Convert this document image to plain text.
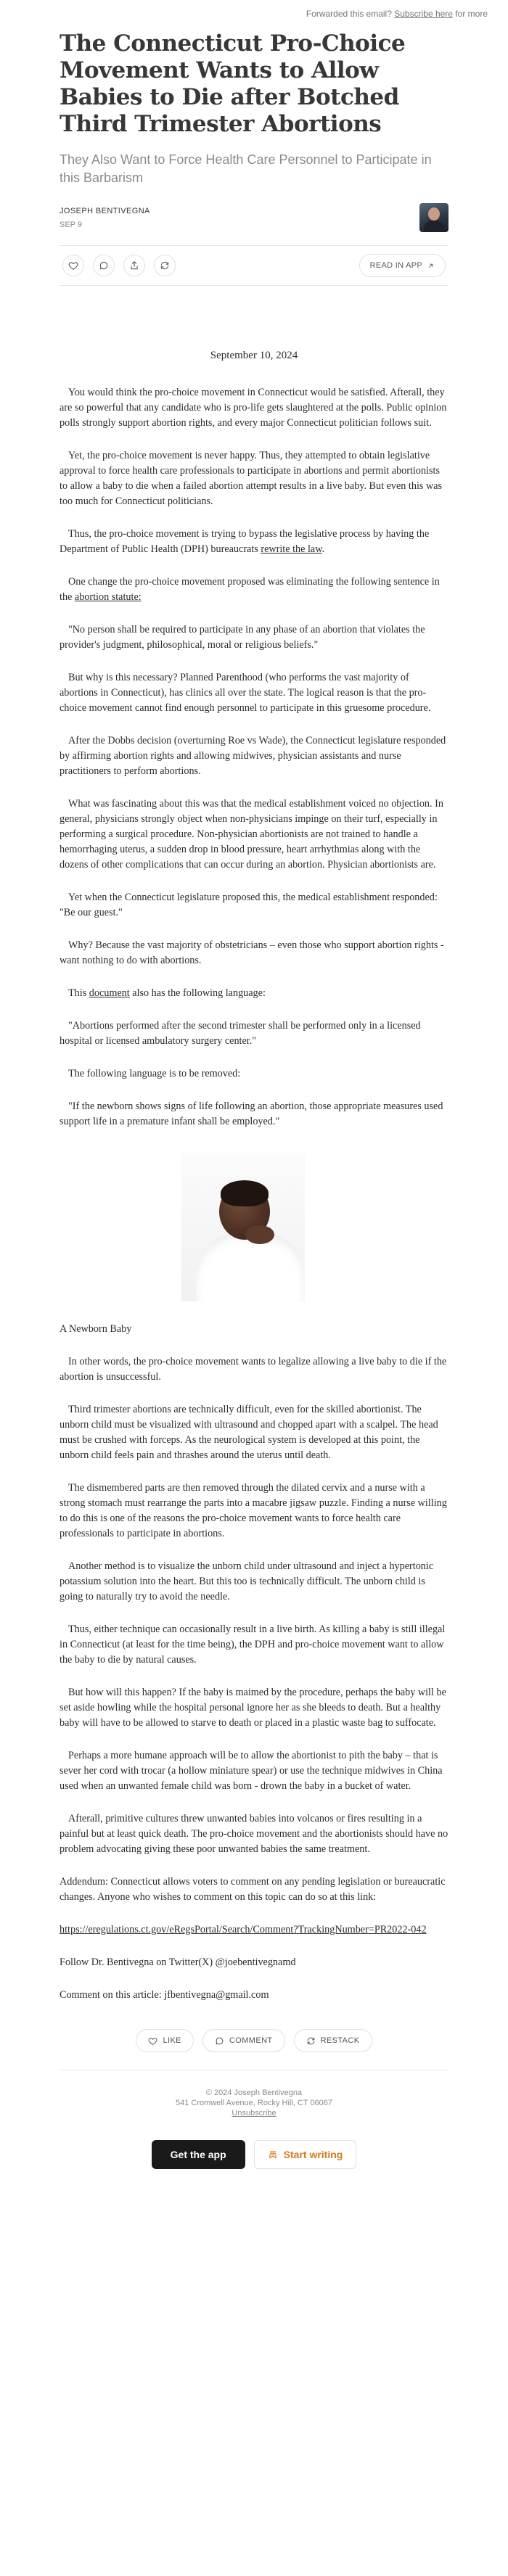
Forwarded this email? Subscribe here for more
The Connecticut Pro-Choice Movement Wants to Allow Babies to Die after Botched Third Trimester Abortions
They Also Want to Force Health Care Personnel to Participate in this Barbarism
JOSEPH BENTIVEGNA
SEP 9
READ IN APP

September 10, 2024

You would think the pro-choice movement in Connecticut would be satisfied. Afterall, they are so powerful that any candidate who is pro-life gets slaughtered at the polls. Public opinion polls strongly support abortion rights, and every major Connecticut politician follows suit.

Yet, the pro-choice movement is never happy. Thus, they attempted to obtain legislative approval to force health care professionals to participate in abortions and permit abortionists to allow a baby to die when a failed abortion attempt results in a live baby. But even this was too much for Connecticut politicians.

Thus, the pro-choice movement is trying to bypass the legislative process by having the Department of Public Health (DPH) bureaucrats rewrite the law.

One change the pro-choice movement proposed was eliminating the following sentence in the abortion statute:

"No person shall be required to participate in any phase of an abortion that violates the provider's judgment, philosophical, moral or religious beliefs."

But why is this necessary? Planned Parenthood (who performs the vast majority of abortions in Connecticut), has clinics all over the state. The logical reason is that the pro-choice movement cannot find enough personnel to participate in this gruesome procedure.

After the Dobbs decision (overturning Roe vs Wade), the Connecticut legislature responded by affirming abortion rights and allowing midwives, physician assistants and nurse practitioners to perform abortions.

What was fascinating about this was that the medical establishment voiced no objection. In general, physicians strongly object when non-physicians impinge on their turf, especially in performing a surgical procedure. Non-physician abortionists are not trained to handle a hemorrhaging uterus, a sudden drop in blood pressure, heart arrhythmias along with the dozens of other complications that can occur during an abortion. Physician abortionists are.

Yet when the Connecticut legislature proposed this, the medical establishment responded: "Be our guest."

Why? Because the vast majority of obstetricians – even those who support abortion rights - want nothing to do with abortions.

This document also has the following language:

"Abortions performed after the second trimester shall be performed only in a licensed hospital or licensed ambulatory surgery center."

The following language is to be removed:

"If the newborn shows signs of life following an abortion, those appropriate measures used support life in a premature infant shall be employed."

A Newborn Baby

In other words, the pro-choice movement wants to legalize allowing a live baby to die if the abortion is unsuccessful.

Third trimester abortions are technically difficult, even for the skilled abortionist. The unborn child must be visualized with ultrasound and chopped apart with a scalpel. The head must be crushed with forceps. As the neurological system is developed at this point, the unborn child feels pain and thrashes around the uterus until death.

The dismembered parts are then removed through the dilated cervix and a nurse with a strong stomach must rearrange the parts into a macabre jigsaw puzzle. Finding a nurse willing to do this is one of the reasons the pro-choice movement wants to force health care professionals to participate in abortions.

Another method is to visualize the unborn child under ultrasound and inject a hypertonic potassium solution into the heart. But this too is technically difficult. The unborn child is going to naturally try to avoid the needle.

Thus, either technique can occasionally result in a live birth. As killing a baby is still illegal in Connecticut (at least for the time being), the DPH and pro-choice movement want to allow the baby to die by natural causes.

But how will this happen? If the baby is maimed by the procedure, perhaps the baby will be set aside howling while the hospital personal ignore her as she bleeds to death. But a healthy baby will have to be allowed to starve to death or placed in a plastic waste bag to suffocate.

Perhaps a more humane approach will be to allow the abortionist to pith the baby – that is sever her cord with trocar (a hollow miniature spear) or use the technique midwives in China used when an unwanted female child was born - drown the baby in a bucket of water.

Afterall, primitive cultures threw unwanted babies into volcanos or fires resulting in a painful but at least quick death. The pro-choice movement and the abortionists should have no problem advocating giving these poor unwanted babies the same treatment.

Addendum: Connecticut allows voters to comment on any pending legislation or bureaucratic changes. Anyone who wishes to comment on this topic can do so at this link:

https://eregulations.ct.gov/eRegsPortal/Search/Comment?TrackingNumber=PR2022-042

Follow Dr. Bentivegna on Twitter(X) @joebentivegnamd

Comment on this article: jfbentivegna@gmail.com

LIKE	COMMENT	RESTACK
© 2024 Joseph Bentivegna
541 Cromwell Avenue, Rocky Hill, CT 06067
Unsubscribe
Get the app	Start writing
